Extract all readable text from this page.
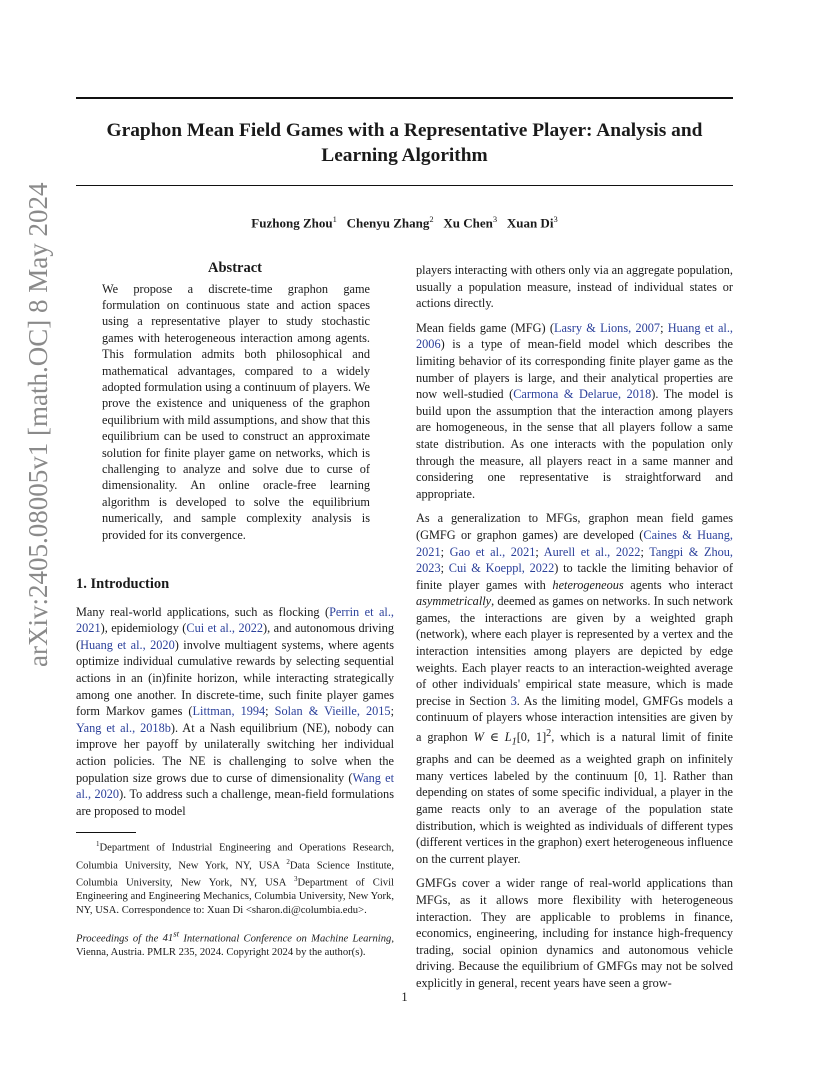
arXiv:2405.08005v1 [math.OC] 8 May 2024
Graphon Mean Field Games with a Representative Player: Analysis and Learning Algorithm
Fuzhong Zhou$^1$ Chenyu Zhang$^2$ Xu Chen$^3$ Xuan Di$^3$
Abstract

We propose a discrete-time graphon game formulation on continuous state and action spaces using a representative player to study stochastic games with heterogeneous interaction among agents. This formulation admits both philosophical and mathematical advantages, compared to a widely adopted formulation using a continuum of players. We prove the existence and uniqueness of the graphon equilibrium with mild assumptions, and show that this equilibrium can be used to construct an approximate solution for finite player game on networks, which is challenging to analyze and solve due to curse of dimensionality. An online oracle-free learning algorithm is developed to solve the equilibrium numerically, and sample complexity analysis is provided for its convergence.

1. Introduction

Many real-world applications, such as flocking (Perrin et al., 2021), epidemiology (Cui et al., 2022), and autonomous driving (Huang et al., 2020) involve multiagent systems, where agents optimize individual cumulative rewards by selecting sequential actions in an (in)finite horizon, while interacting strategically among one another. In discrete-time, such finite player games form Markov games (Littman, 1994; Solan & Vieille, 2015; Yang et al., 2018b). At a Nash equilibrium (NE), nobody can improve her payoff by unilaterally switching her individual action policies. The NE is challenging to solve when the population size grows due to curse of dimensionality (Wang et al., 2020). To address such a challenge, mean-field formulations are proposed to model

$^1$Department of Industrial Engineering and Operations Research, Columbia University, New York, NY, USA $^2$Data Science Institute, Columbia University, New York, NY, USA $^3$Department of Civil Engineering and Engineering Mechanics, Columbia University, New York, NY, USA. Correspondence to: Xuan Di <sharon.di@columbia.edu>.

Proceedings of the 41st International Conference on Machine Learning, Vienna, Austria. PMLR 235, 2024. Copyright 2024 by the author(s).

players interacting with others only via an aggregate population, usually a population measure, instead of individual states or actions directly.

Mean fields game (MFG) (Lasry & Lions, 2007; Huang et al., 2006) is a type of mean-field model which describes the limiting behavior of its corresponding finite player game as the number of players is large, and their analytical properties are now well-studied (Carmona & Delarue, 2018). The model is build upon the assumption that the interaction among players are homogeneous, in the sense that all players follow a same state distribution. As one interacts with the population only through the measure, all players react in a same manner and considering one representative is straightforward and appropriate.

As a generalization to MFGs, graphon mean field games (GMFG or graphon games) are developed (Caines & Huang, 2021; Gao et al., 2021; Aurell et al., 2022; Tangpi & Zhou, 2023; Cui & Koeppl, 2022) to tackle the limiting behavior of finite player games with heterogeneous agents who interact asymmetrically, deemed as games on networks. In such network games, the interactions are given by a weighted graph (network), where each player is represented by a vertex and the interaction intensities among players are depicted by edge weights. Each player reacts to an interaction-weighted average of other individuals' empirical state measure, which is made precise in Section 3. As the limiting model, GMFGs models a continuum of players whose interaction intensities are given by a graphon W ∈ $L_1[0$, 1]$^2$, which is a natural limit of finite graphs and can be deemed as a weighted graph on infinitely many vertices labeled by the continuum [0, 1]. Rather than depending on states of some specific individual, a player in the game reacts only to an average of the population state distribution, which is weighted as individuals of different types (different vertices in the graphon) exert heterogeneous influence on the current player.

GMFGs cover a wider range of real-world applications than MFGs, as it allows more flexibility with heterogeneous interaction. They are applicable to problems in finance, economics, engineering, including for instance high-frequency trading, social opinion dynamics and autonomous vehicle driving. Because the equilibrium of GMFGs may not be solved explicitly in general, recent years have seen a grow-

1
